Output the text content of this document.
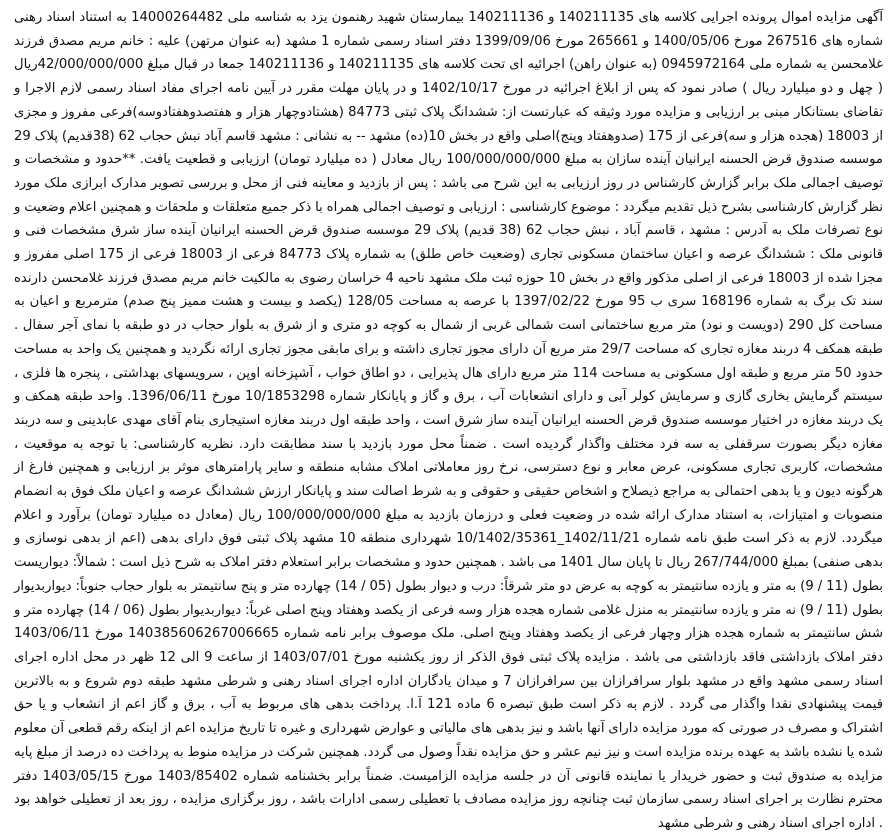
آگهی مزایده اموال پرونده اجرایی کلاسه های 140211135 و 140211136 بیمارستان شهید رهنمون یزد به شناسه ملی 14000264482 به استناد اسناد رهنی شماره های 267516 مورخ 1400/05/06 و 265661 مورخ 1399/09/06 دفتر اسناد رسمی شماره 1 مشهد (به عنوان مرتهن) علیه : خانم مریم مصدق فرزند غلامحسن به شماره ملی 0945972164 (به عنوان راهن) اجرائیه ای تحت کلاسه های 140211135 و 140211136 جمعا در قبال مبلغ 42/000/000/000ریال ( چهل و دو میلیارد ریال ) صادر نمود که پس از ابلاغ اجرائیه در مورخ 1402/10/17 و در پایان مهلت مقرر در آیین نامه اجرای مفاد اسناد رسمی لازم الاجرا و تقاضای بستانکار مبنی بر ارزیابی و مزایده مورد وثیقه که عبارتست از: ششدانگ پلاک ثبتی 84773 (هشتادوچهار هزار و هفتصدوهفتادوسه)فرعی مفروز و مجزی از 18003 (هجده هزار و سه)فرعی از 175 (صدوهفتاد وپنج)اصلی واقع در بخش 10(ده) مشهد -- به نشانی : مشهد قاسم آباد نبش حجاب 62 (38قدیم) پلاک 29 موسسه صندوق قرض الحسنه ایرانیان آینده سازان به مبلغ 100/000/000/000 ریال معادل ( ده میلیارد تومان) ارزیابی و قطعیت یافت. **حدود و مشخصات و توصیف اجمالی ملک برابر گزارش کارشناس در روز ارزیابی به این شرح می باشد : پس از بازدید و معاینه فنی از محل و بررسی تصویر مدارک ابرازی ملک مورد نظر گزارش کارشناسی بشرح ذیل تقدیم میگردد : موضوع کارشناسی : ارزیابی و توصیف اجمالی همراه با ذکر جمیع متعلقات و ملحقات و همچنین اعلام وضعیت و نوع تصرفات ملک به آدرس : مشهد ، قاسم آباد ، نبش حجاب 62 (38 قدیم) پلاک 29 موسسه صندوق قرض الحسنه ایرانیان آینده ساز شرق مشخصات فنی و قانونی ملک : ششدانگ عرصه و اعیان ساختمان مسکونی تجاری (وضعیت خاص طلق) به شماره پلاک 84773 فرعی از 18003 فرعی از 175 اصلی مفروز و مجزا شده از 18003 فرعی از اصلی مذکور واقع در بخش 10 حوزه ثبت ملک مشهد ناحیه 4 خراسان رضوی به مالکیت خانم مریم مصدق فرزند غلامحسن دارنده سند تک برگ به شماره 168196 سری ب 95 مورخ 1397/02/22 با عرصه به مساحت 128/05 (یکصد و بیست و هشت ممیز پنج صدم) مترمربع و اعیان به مساحت کل 290 (دویست و نود) متر مربع ساختمانی است شمالی غربی از شمال به کوچه دو متری و از شرق به بلوار حجاب در دو طبقه با نمای آجر سفال . طبقه همکف 4 دربند مغازه تجاری که مساحت 29/7 متر مربع آن دارای مجوز تجاری داشته و برای مابقی مجوز تجاری ارائه نگردید و همچنین یک واحد به مساحت حدود 50 متر مربع و طبقه اول مسکونی به مساحت 114 متر مربع دارای هال پذیرایی ، دو اطاق خواب ، آشپزخانه اوپن ، سرویسهای بهداشتی ، پنجره ها فلزی ، سیستم گرمایش بخاری گازی و سرمایش کولر آبی و دارای انشعابات آب ، برق و گاز و پایانکار شماره 10/1853298 مورخ 1396/06/11. واحد طبقه همکف و یک دربند مغازه در اختیار موسسه صندوق قرض الحسنه ایرانیان آینده ساز شرق است ، واحد طبقه اول دربند مغازه استیجاری بنام آقای مهدی عابدینی و سه دربند مغازه دیگر بصورت سرقفلی به سه فرد مختلف واگذار گردیده است . ضمناً محل مورد بازدید با سند مطابقت دارد. نظریه کارشناسی: با توجه به موقعیت ، مشخصات، کاربری تجاری مسکونی، عرض معابر و نوع دسترسی، نرخ روز معاملاتی املاک مشابه منطقه و سایر پارامترهای موثر بر ارزیابی و همچنین فارغ از هرگونه دیون و یا بدهی احتمالی به مراجع ذیصلاح و اشخاص حقیقی و حقوقی و به شرط اصالت سند و پایانکار ارزش ششدانگ عرصه و اعیان ملک فوق به انضمام منصوبات و امتیازات، به استناد مدارک ارائه شده در وضعیت فعلی و درزمان بازدید به مبلغ 100/000/000/000 ریال (معادل ده میلیارد تومان) برآورد و اعلام میگردد. لازم به ذکر است طبق نامه شماره 1402/11/21_10/1402/35361 شهرداری منطقه 10 مشهد پلاک ثبتی فوق دارای بدهی (اعم از بدهی نوسازی و بدهی صنفی) بمبلغ 267/744/000 ریال تا پایان سال 1401 می باشد . همچنین حدود و مشخصات برابر استعلام دفتر املاک به شرح ذیل است : شمالاً: دیواریست بطول (11 / 9) به متر و یازده سانتیمتر به کوچه به عرض دو متر شرقاً: درب و دیوار بطول (05 / 14) چهارده متر و پنج سانتیمتر به بلوار حجاب جنوباً: دیواربدیوار بطول (11 / 9) نه متر و یازده سانتیمتر به منزل غلامی شماره هجده هزار وسه فرعی از یکصد وهفتاد وپنج اصلی غرباً: دیواربدیوار بطول (06 / 14) چهارده متر و شش سانتیمتر به شماره هجده هزار وچهار فرعی از یکصد وهفتاد وپنج اصلی. ملک موصوف برابر نامه شماره 140385606267006665 مورخ 1403/06/11 دفتر املاک بازداشتی فاقد بازداشتی می باشد . مزایده پلاک ثبتی فوق الذکر از روز یکشنبه مورخ 1403/07/01 از ساعت 9 الی 12 ظهر در محل اداره اجرای اسناد رسمی مشهد واقع در مشهد بلوار سرافرازان بین سرافرازان 7 و میدان یادگاران اداره اجرای اسناد رهنی و شرطی مشهد طبقه دوم شروع و به بالاترین قیمت پیشنهادی نقدا واگذار می گردد . لازم به ذکر است طبق تبصره 6 ماده 121 آ.ا. پرداخت بدهی های مربوط به آب ، برق و گاز اعم از انشعاب و یا حق اشتراک و مصرف در صورتی که مورد مزایده دارای آنها باشد و نیز بدهی های مالیاتی و عوارض شهرداری و غیره تا تاریخ مزایده اعم از اینکه رقم قطعی آن معلوم شده یا نشده باشد به عهده برنده مزایده است و نیز نیم عشر و حق مزایده نقداً وصول می گردد. همچنین شرکت در مزایده منوط به پرداخت ده درصد از مبلغ پایه مزایده به صندوق ثبت و حضور خریدار یا نماینده قانونی آن در جلسه مزایده الزامیست. ضمناً برابر بخشنامه شماره 1403/85402 مورخ 1403/05/15 دفتر محترم نظارت بر اجرای اسناد رسمی سازمان ثبت چنانچه روز مزایده مصادف با تعطیلی رسمی ادارات باشد ، روز برگزاری مزایده ، روز بعد از تعطیلی خواهد بود . اداره اجرای اسناد رهنی و شرطی مشهد
